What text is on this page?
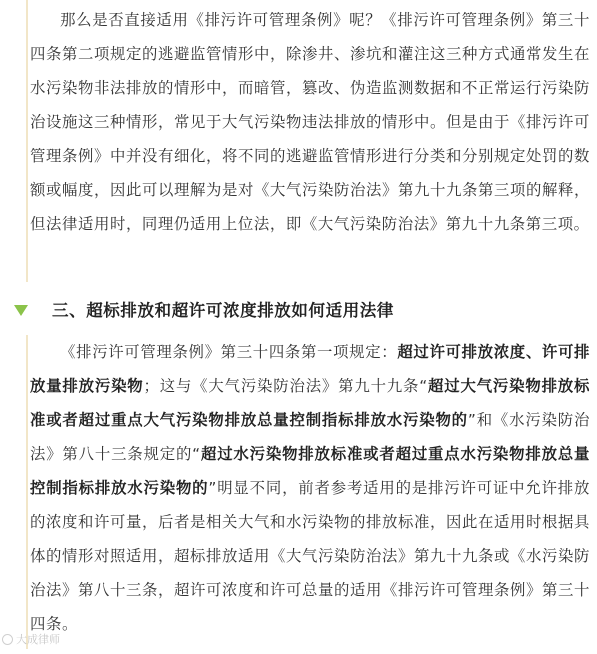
那么是否直接适用《排污许可管理条例》呢？《排污许可管理条例》第三十四条第二项规定的逃避监管情形中，除渗井、渗坑和灌注这三种方式通常发生在水污染物非法排放的情形中，而暗管，篡改、伪造监测数据和不正常运行污染防治设施这三种情形，常见于大气污染物违法排放的情形中。但是由于《排污许可管理条例》中并没有细化，将不同的逃避监管情形进行分类和分别规定处罚的数额或幅度，因此可以理解为是对《大气污染防治法》第九十九条第三项的解释，但法律适用时，同理仍适用上位法，即《大气污染防治法》第九十九条第三项。

三、超标排放和超许可浓度排放如何适用法律

《排污许可管理条例》第三十四条第一项规定：超过许可排放浓度、许可排放量排放污染物；这与《大气污染防治法》第九十九条“超过大气污染物排放标准或者超过重点大气污染物排放总量控制指标排放水污染物的”和《水污染防治法》第八十三条规定的“超过水污染物排放标准或者超过重点水污染物排放总量控制指标排放水污染物的”明显不同，前者参考适用的是排污许可证中允许排放的浓度和许可量，后者是相关大气和水污染物的排放标准，因此在适用时根据具体的情形对照适用，超标排放适用《大气污染防治法》第九十九条或《水污染防治法》第八十三条，超许可浓度和许可总量的适用《排污许可管理条例》第三十四条。

大成律师
